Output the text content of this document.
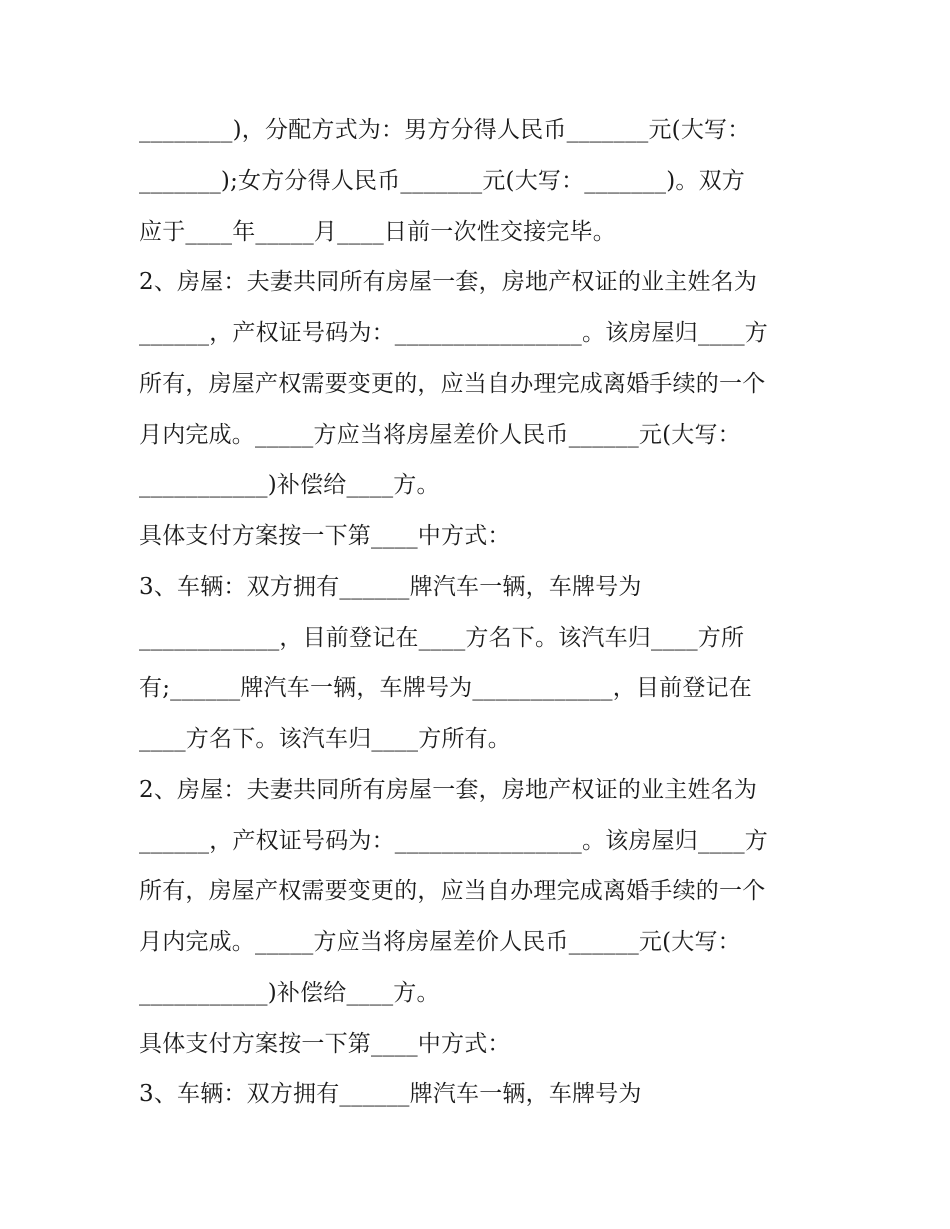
________)，分配方式为：男方分得人民币_______元(大写：
_______);女方分得人民币_______元(大写：_______)。双方
应于____年_____月____日前一次性交接完毕。
2、房屋：夫妻共同所有房屋一套，房地产权证的业主姓名为
______，产权证号码为：________________。该房屋归____方
所有，房屋产权需要变更的，应当自办理完成离婚手续的一个
月内完成。_____方应当将房屋差价人民币______元(大写：
___________)补偿给____方。
具体支付方案按一下第____中方式：
3、车辆：双方拥有______牌汽车一辆，车牌号为
____________，目前登记在____方名下。该汽车归____方所
有;______牌汽车一辆，车牌号为____________，目前登记在
____方名下。该汽车归____方所有。
2、房屋：夫妻共同所有房屋一套，房地产权证的业主姓名为
______，产权证号码为：________________。该房屋归____方
所有，房屋产权需要变更的，应当自办理完成离婚手续的一个
月内完成。_____方应当将房屋差价人民币______元(大写：
___________)补偿给____方。
具体支付方案按一下第____中方式：
3、车辆：双方拥有______牌汽车一辆，车牌号为
